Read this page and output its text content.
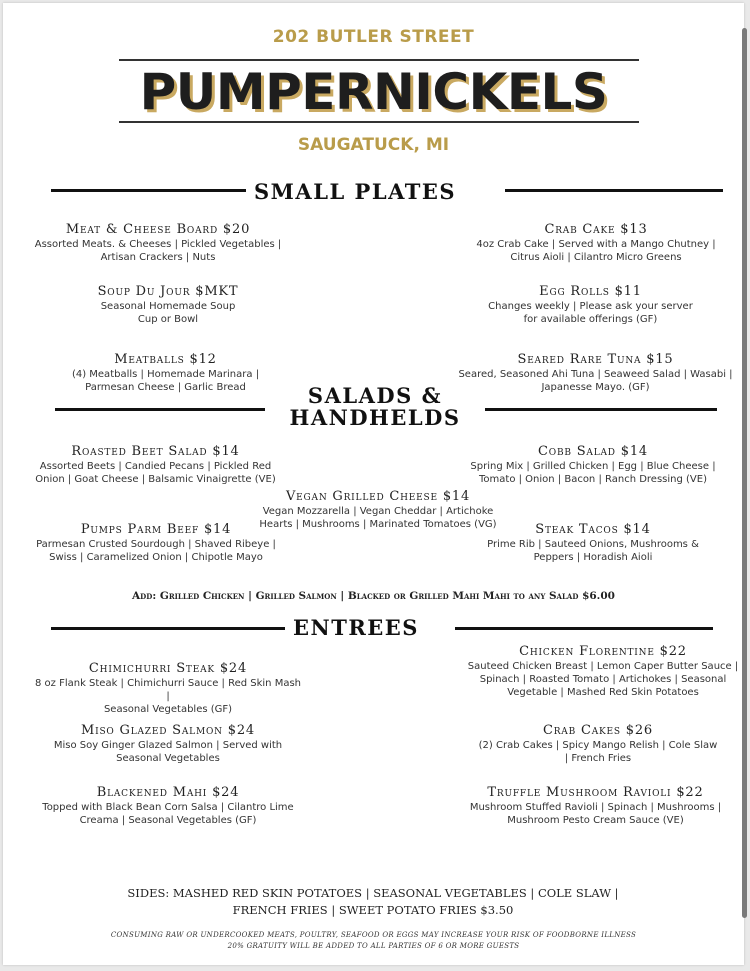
202 BUTLER STREET
PUMPERNICKELS
SAUGATUCK, MI
SMALL PLATES
Meat & Cheese Board $20
Assorted Meats. & Cheeses | Pickled Vegetables |
Artisan Crackers | Nuts
Crab Cake $13
4oz Crab Cake | Served with a Mango Chutney |
Citrus Aioli | Cilantro Micro Greens
Soup Du Jour $MKT
Seasonal Homemade Soup
Cup or Bowl
Egg Rolls $11
Changes weekly | Please ask your server
for available offerings (GF)
Meatballs $12
(4) Meatballs | Homemade Marinara |
Parmesan Cheese | Garlic Bread
Seared Rare Tuna $15
Seared, Seasoned Ahi Tuna | Seaweed Salad | Wasabi |
Japanesse Mayo. (GF)
SALADS &
HANDHELDS
Roasted Beet Salad $14
Assorted Beets | Candied Pecans | Pickled Red
Onion | Goat Cheese | Balsamic Vinaigrette (VE)
Cobb Salad $14
Spring Mix | Grilled Chicken | Egg | Blue Cheese |
Tomato | Onion | Bacon | Ranch Dressing (VE)
Vegan Grilled Cheese $14
Vegan Mozzarella | Vegan Cheddar | Artichoke
Hearts | Mushrooms | Marinated Tomatoes (VG)
Pumps Parm Beef $14
Parmesan Crusted Sourdough | Shaved Ribeye |
Swiss | Caramelized Onion | Chipotle Mayo
Steak Tacos $14
Prime Rib | Sauteed Onions, Mushrooms &
Peppers | Horadish Aioli
Add: Grilled Chicken | Grilled Salmon | Blacked or Grilled Mahi Mahi to any Salad $6.00
ENTREES
Chicken Florentine $22
Sauteed Chicken Breast | Lemon Caper Butter Sauce |
Spinach | Roasted Tomato | Artichokes | Seasonal
Vegetable | Mashed Red Skin Potatoes
Chimichurri Steak $24
8 oz Flank Steak | Chimichurri Sauce | Red Skin Mash |
Seasonal Vegetables (GF)
Miso Glazed Salmon $24
Miso Soy Ginger Glazed Salmon | Served with
Seasonal Vegetables
Crab Cakes $26
(2) Crab Cakes | Spicy Mango Relish | Cole Slaw
| French Fries
Blackened Mahi $24
Topped with Black Bean Corn Salsa | Cilantro Lime
Creama | Seasonal Vegetables (GF)
Truffle Mushroom Ravioli $22
Mushroom Stuffed Ravioli | Spinach | Mushrooms |
Mushroom Pesto Cream Sauce (VE)
SIDES: MASHED RED SKIN POTATOES | SEASONAL VEGETABLES | COLE SLAW |
FRENCH FRIES | SWEET POTATO FRIES $3.50
CONSUMING RAW OR UNDERCOOKED MEATS, POULTRY, SEAFOOD OR EGGS MAY INCREASE YOUR RISK OF FOODBORNE ILLNESS
20% GRATUITY WILL BE ADDED TO ALL PARTIES OF 6 OR MORE GUESTS
